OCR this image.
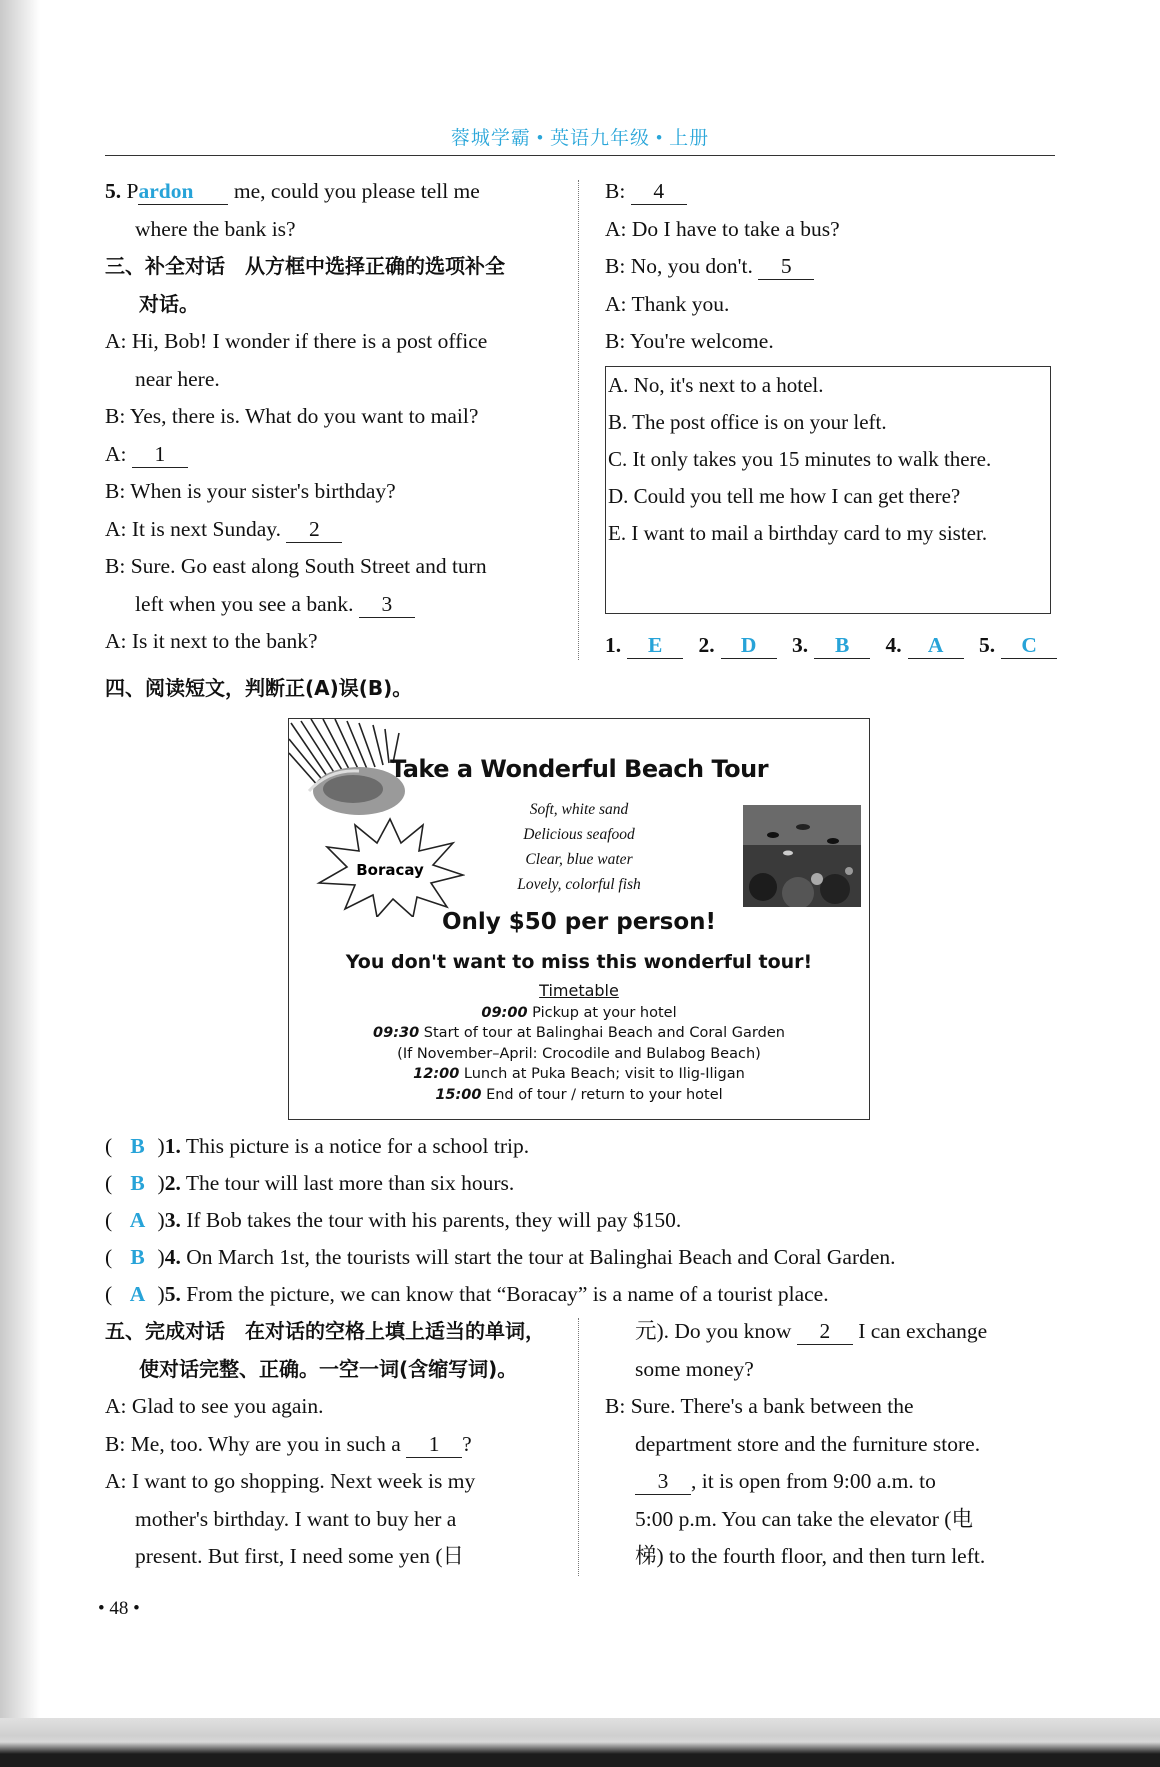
蓉城学霸 • 英语九年级 • 上册

5. Pardon me, could you please tell me

where the bank is?

三、补全对话　从方框中选择正确的选项补全

对话。

A: Hi, Bob! I wonder if there is a post office

near here.

B: Yes, there is. What do you want to mail?

A: 1

B: When is your sister's birthday?

A: It is next Sunday. 2

B: Sure. Go east along South Street and turn

left when you see a bank. 3

A: Is it next to the bank?

B: 4

A: Do I have to take a bus?

B: No, you don't. 5

A: Thank you.

B: You're welcome.

A. No, it's next to a hotel.

B. The post office is on your left.

C. It only takes you 15 minutes to walk there.

D. Could you tell me how I can get there?

E. I want to mail a birthday card to my sister.

1. E 2. D 3. B 4. A 5. C
四、阅读短文，判断正(A)误(B)。
Take a Wonderful Beach Tour
Soft, white sand
Delicious seafood
Clear, blue water
Lovely, colorful fish
Boracay
Only $50 per person!
You don't want to miss this wonderful tour!
Timetable
09:00 Pickup at your hotel
09:30 Start of tour at Balinghai Beach and Coral Garden
(If November–April: Crocodile and Bulabog Beach)
12:00 Lunch at Puka Beach; visit to Ilig-Iligan
15:00 End of tour / return to your hotel
( B )1. This picture is a notice for a school trip.
( B )2. The tour will last more than six hours.
( A )3. If Bob takes the tour with his parents, they will pay $150.
( B )4. On March 1st, the tourists will start the tour at Balinghai Beach and Coral Garden.
( A )5. From the picture, we can know that “Boracay” is a name of a tourist place.

五、完成对话　在对话的空格上填上适当的单词，

使对话完整、正确。一空一词(含缩写词)。

A: Glad to see you again.

B: Me, too. Why are you in such a 1 ?

A: I want to go shopping. Next week is my

mother's birthday. I want to buy her a

present. But first, I need some yen (日

元). Do you know 2 I can exchange

some money?

B: Sure. There's a bank between the

department store and the furniture store.

3 , it is open from 9:00 a.m. to

5:00 p.m. You can take the elevator (电

梯) to the fourth floor, and then turn left.

• 48 •
